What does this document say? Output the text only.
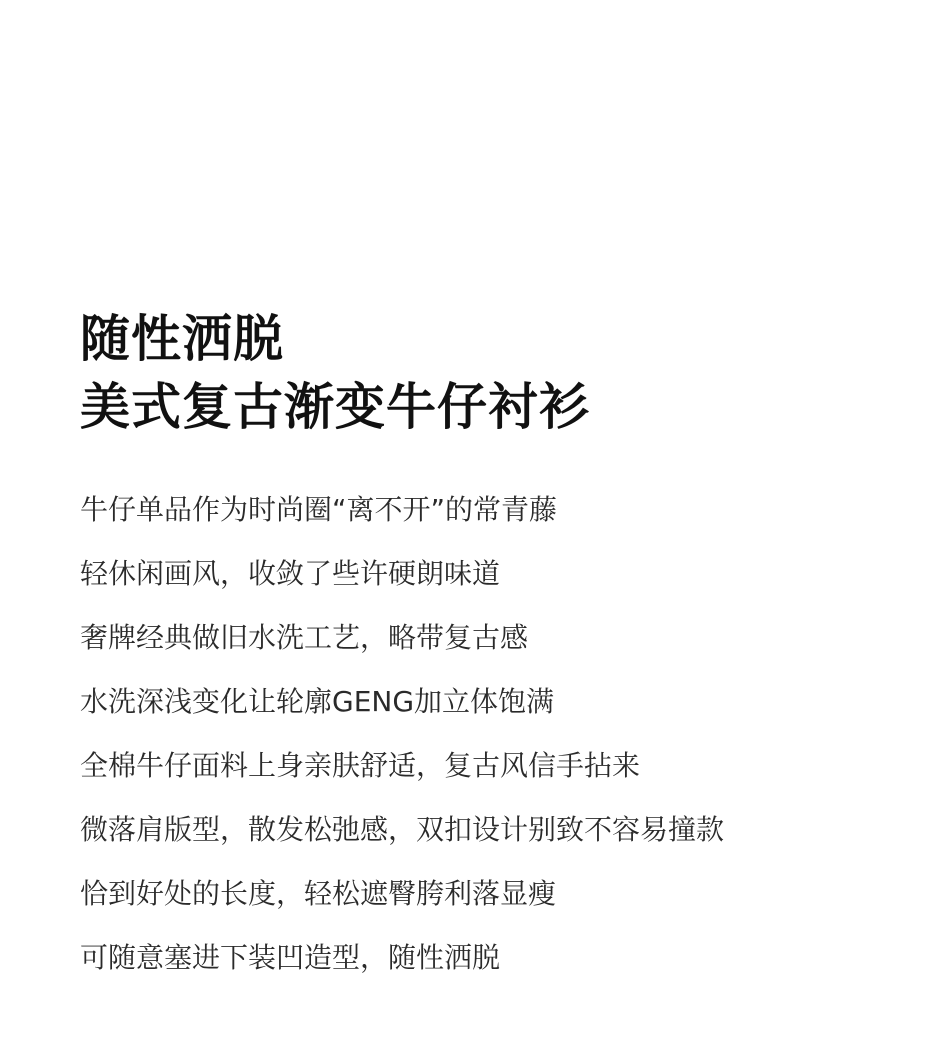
随性洒脱
美式复古渐变牛仔衬衫
牛仔单品作为时尚圈“离不开”的常青藤
轻休闲画风，收敛了些许硬朗味道
奢牌经典做旧水洗工艺，略带复古感
水洗深浅变化让轮廓GENG加立体饱满
全棉牛仔面料上身亲肤舒适，复古风信手拈来
微落肩版型，散发松弛感，双扣设计别致不容易撞款
恰到好处的长度，轻松遮臀胯利落显瘦
可随意塞进下装凹造型，随性洒脱
